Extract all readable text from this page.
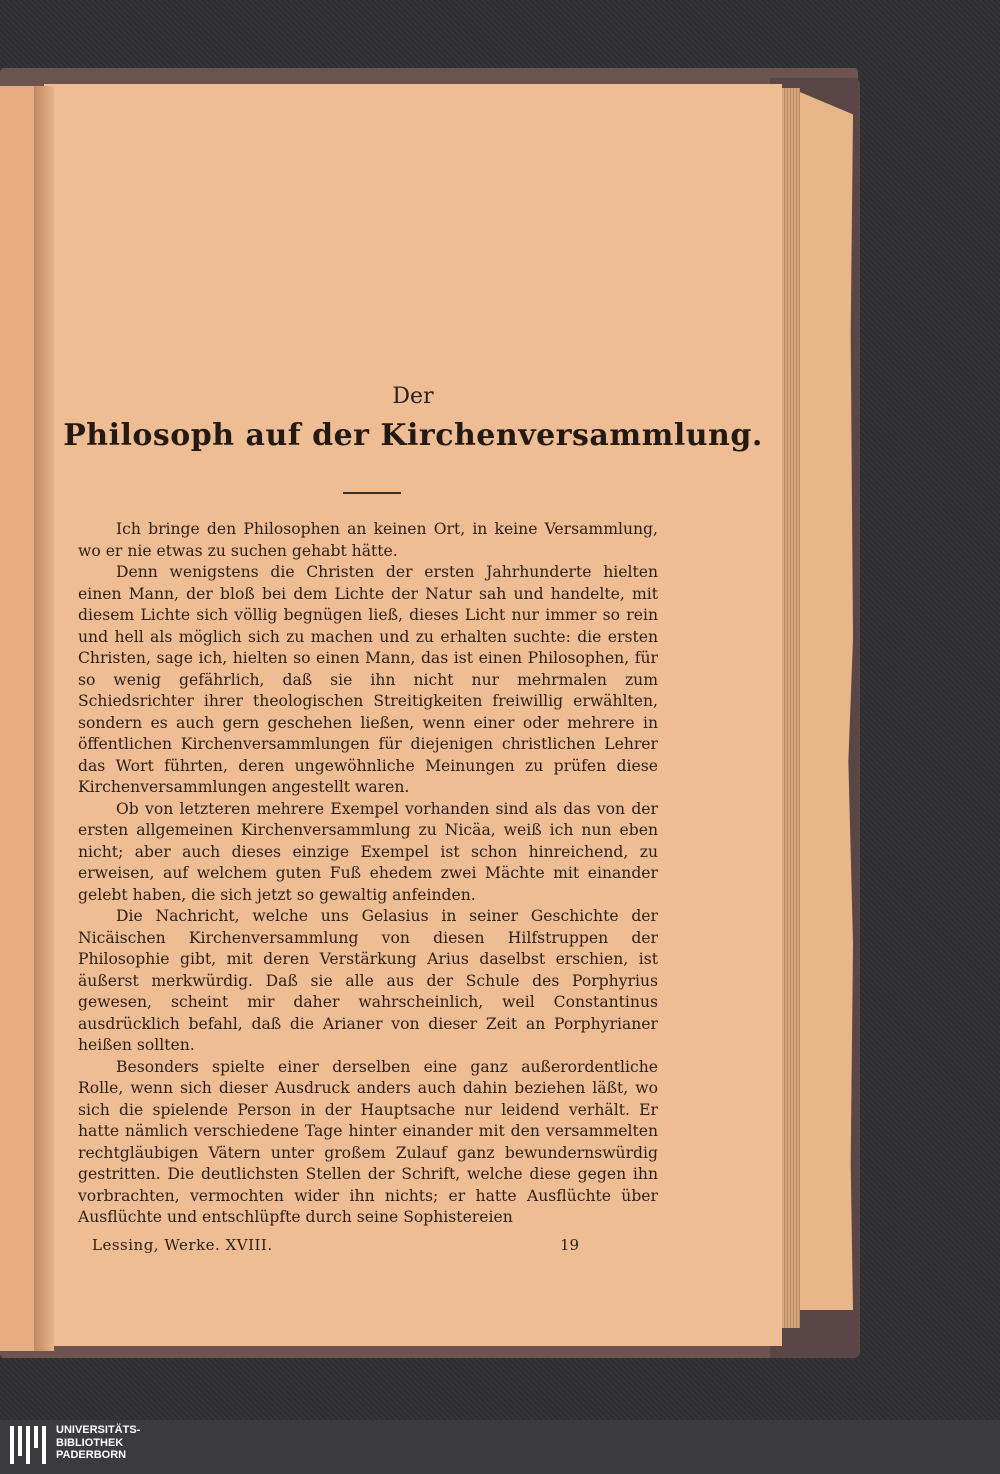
Der
Philosoph auf der Kirchenversammlung.

Ich bringe den Philosophen an keinen Ort, in keine Versammlung, wo er nie etwas zu suchen gehabt hätte.

Denn wenigstens die Christen der ersten Jahrhunderte hielten einen Mann, der bloß bei dem Lichte der Natur sah und handelte, mit diesem Lichte sich völlig begnügen ließ, dieses Licht nur immer so rein und hell als möglich sich zu machen und zu erhalten suchte: die ersten Christen, sage ich, hielten so einen Mann, das ist einen Philosophen, für so wenig gefährlich, daß sie ihn nicht nur mehrmalen zum Schiedsrichter ihrer theologischen Streitigkeiten freiwillig erwählten, sondern es auch gern geschehen ließen, wenn einer oder mehrere in öffentlichen Kirchenversammlungen für diejenigen christlichen Lehrer das Wort führten, deren ungewöhnliche Meinungen zu prüfen diese Kirchenversammlungen angestellt waren.

Ob von letzteren mehrere Exempel vorhanden sind als das von der ersten allgemeinen Kirchenversammlung zu Nicäa, weiß ich nun eben nicht; aber auch dieses einzige Exempel ist schon hinreichend, zu erweisen, auf welchem guten Fuß ehedem zwei Mächte mit einander gelebt haben, die sich jetzt so gewaltig anfeinden.

Die Nachricht, welche uns Gelasius in seiner Geschichte der Nicäischen Kirchenversammlung von diesen Hilfstruppen der Philosophie gibt, mit deren Verstärkung Arius daselbst erschien, ist äußerst merkwürdig. Daß sie alle aus der Schule des Porphyrius gewesen, scheint mir daher wahrscheinlich, weil Constantinus ausdrücklich befahl, daß die Arianer von dieser Zeit an Porphyrianer heißen sollten.

Besonders spielte einer derselben eine ganz außerordentliche Rolle, wenn sich dieser Ausdruck anders auch dahin beziehen läßt, wo sich die spielende Person in der Hauptsache nur leidend verhält. Er hatte nämlich verschiedene Tage hinter einander mit den versammelten rechtgläubigen Vätern unter großem Zulauf ganz bewundernswürdig gestritten. Die deutlichsten Stellen der Schrift, welche diese gegen ihn vorbrachten, vermochten wider ihn nichts; er hatte Ausflüchte über Ausflüchte und entschlüpfte durch seine Sophistereien

Lessing, Werke. XVIII.	19
UNIVERSITÄTS-
BIBLIOTHEK
PADERBORN
